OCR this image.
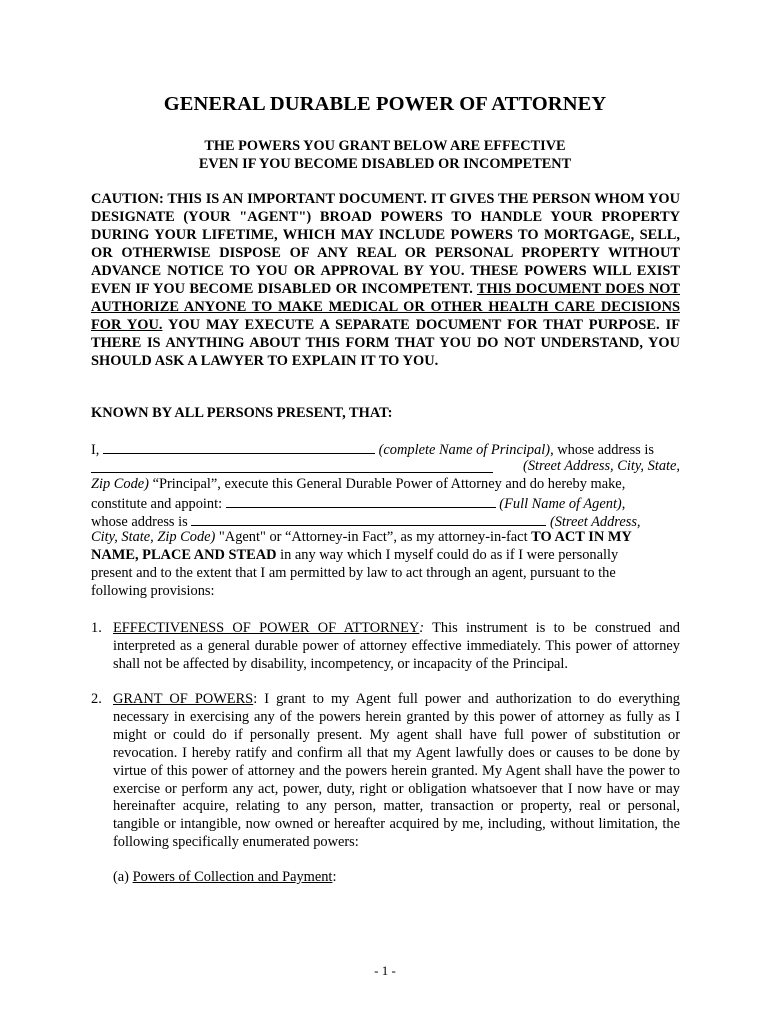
GENERAL DURABLE POWER OF ATTORNEY
THE POWERS YOU GRANT BELOW ARE EFFECTIVE
EVEN IF YOU BECOME DISABLED OR INCOMPETENT
CAUTION: THIS IS AN IMPORTANT DOCUMENT. IT GIVES THE PERSON WHOM YOU DESIGNATE (YOUR "AGENT") BROAD POWERS TO HANDLE YOUR PROPERTY DURING YOUR LIFETIME, WHICH MAY INCLUDE POWERS TO MORTGAGE, SELL, OR OTHERWISE DISPOSE OF ANY REAL OR PERSONAL PROPERTY WITHOUT ADVANCE NOTICE TO YOU OR APPROVAL BY YOU. THESE POWERS WILL EXIST EVEN IF YOU BECOME DISABLED OR INCOMPETENT. THIS DOCUMENT DOES NOT AUTHORIZE ANYONE TO MAKE MEDICAL OR OTHER HEALTH CARE DECISIONS FOR YOU. YOU MAY EXECUTE A SEPARATE DOCUMENT FOR THAT PURPOSE. IF THERE IS ANYTHING ABOUT THIS FORM THAT YOU DO NOT UNDERSTAND, YOU SHOULD ASK A LAWYER TO EXPLAIN IT TO YOU.
KNOWN BY ALL PERSONS PRESENT, THAT:
I,	(complete Name of Principal), whose address is
(Street Address, City, State,
Zip Code) “Principal”, execute this General Durable Power of Attorney and do hereby make,
constitute and appoint:	(Full Name of Agent),
whose address is	(Street Address,
City, State, Zip Code) "Agent" or “Attorney-in Fact”, as my attorney-in-fact TO ACT IN MY
NAME, PLACE AND STEAD in any way which I myself could do as if I were personally
present and to the extent that I am permitted by law to act through an agent, pursuant to the
following provisions:
1. EFFECTIVENESS OF POWER OF ATTORNEY: This instrument is to be construed and interpreted as a general durable power of attorney effective immediately. This power of attorney shall not be affected by disability, incompetency, or incapacity of the Principal.
2. GRANT OF POWERS: I grant to my Agent full power and authorization to do everything necessary in exercising any of the powers herein granted by this power of attorney as fully as I might or could do if personally present. My agent shall have full power of substitution or revocation. I hereby ratify and confirm all that my Agent lawfully does or causes to be done by virtue of this power of attorney and the powers herein granted. My Agent shall have the power to exercise or perform any act, power, duty, right or obligation whatsoever that I now have or may hereinafter acquire, relating to any person, matter, transaction or property, real or personal, tangible or intangible, now owned or hereafter acquired by me, including, without limitation, the following specifically enumerated powers:
(a) Powers of Collection and Payment:
- 1 -
